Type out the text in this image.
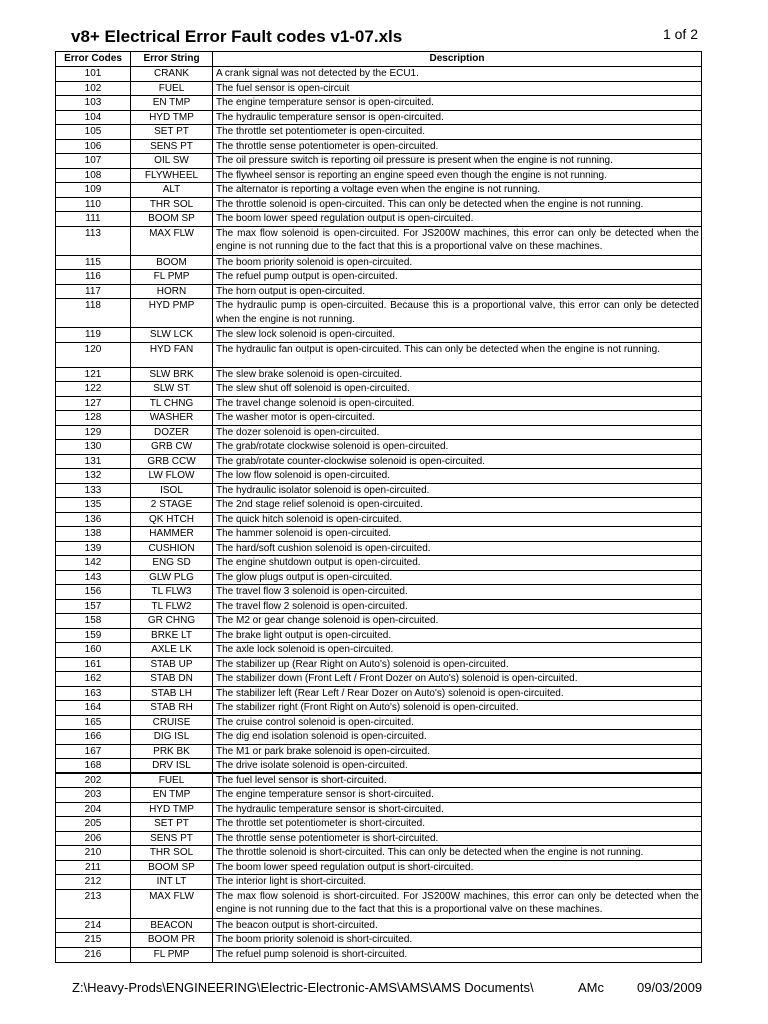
v8+ Electrical Error Fault codes v1-07.xls	1 of 2
Error Codes	Error String	Description
101	CRANK	A crank signal was not detected by the ECU1.
102	FUEL	The fuel sensor is open-circuit
103	EN TMP	The engine temperature sensor is open-circuited.
104	HYD TMP	The hydraulic temperature sensor is open-circuited.
105	SET PT	The throttle set potentiometer is open-circuited.
106	SENS PT	The throttle sense potentiometer is open-circuited.
107	OIL SW	The oil pressure switch is reporting oil pressure is present when the engine is not running.
108	FLYWHEEL	The flywheel sensor is reporting an engine speed even though the engine is not running.
109	ALT	The alternator is reporting a voltage even when the engine is not running.
110	THR SOL	The throttle solenoid is open-circuited. This can only be detected when the engine is not running.
111	BOOM SP	The boom lower speed regulation output is open-circuited.
113	MAX FLW	The max flow solenoid is open-circuited. For JS200W machines, this error can only be detected when the engine is not running due to the fact that this is a proportional valve on these machines.
115	BOOM	The boom priority solenoid is open-circuited.
116	FL PMP	The refuel pump output is open-circuited.
117	HORN	The horn output is open-circuited.
118	HYD PMP	The hydraulic pump is open-circuited. Because this is a proportional valve, this error can only be detected when the engine is not running.
119	SLW LCK	The slew lock solenoid is open-circuited.
120	HYD FAN	The hydraulic fan output is open-circuited. This can only be detected when the engine is not running.
121	SLW BRK	The slew brake solenoid is open-circuited.
122	SLW ST	The slew shut off solenoid is open-circuited.
127	TL CHNG	The travel change solenoid is open-circuited.
128	WASHER	The washer motor is open-circuited.
129	DOZER	The dozer solenoid is open-circuited.
130	GRB CW	The grab/rotate clockwise solenoid is open-circuited.
131	GRB CCW	The grab/rotate counter-clockwise solenoid is open-circuited.
132	LW FLOW	The low flow solenoid is open-circuited.
133	ISOL	The hydraulic isolator solenoid is open-circuited.
135	2 STAGE	The 2nd stage relief solenoid is open-circuited.
136	QK HTCH	The quick hitch solenoid is open-circuited.
138	HAMMER	The hammer solenoid is open-circuited.
139	CUSHION	The hard/soft cushion solenoid is open-circuited.
142	ENG SD	The engine shutdown output is open-circuited.
143	GLW PLG	The glow plugs output is open-circuited.
156	TL FLW3	The travel flow 3 solenoid is open-circuited.
157	TL FLW2	The travel flow 2 solenoid is open-circuited.
158	GR CHNG	The M2 or gear change solenoid is open-circuited.
159	BRKE LT	The brake light output is open-circuited.
160	AXLE LK	The axle lock solenoid is open-circuited.
161	STAB UP	The stabilizer up (Rear Right on Auto's) solenoid is open-circuited.
162	STAB DN	The stabilizer down (Front Left / Front Dozer on Auto's) solenoid is open-circuited.
163	STAB LH	The stabilizer left (Rear Left / Rear Dozer on Auto's) solenoid is open-circuited.
164	STAB RH	The stabilizer right (Front Right on Auto's) solenoid is open-circuited.
165	CRUISE	The cruise control solenoid is open-circuited.
166	DIG ISL	The dig end isolation solenoid is open-circuited.
167	PRK BK	The M1 or park brake solenoid is open-circuited.
168	DRV ISL	The drive isolate solenoid is open-circuited.
202	FUEL	The fuel level sensor is short-circuited.
203	EN TMP	The engine temperature sensor is short-circuited.
204	HYD TMP	The hydraulic temperature sensor is short-circuited.
205	SET PT	The throttle set potentiometer is short-circuited.
206	SENS PT	The throttle sense potentiometer is short-circuited.
210	THR SOL	The throttle solenoid is short-circuited. This can only be detected when the engine is not running.
211	BOOM SP	The boom lower speed regulation output is short-circuited.
212	INT LT	The interior light is short-circuited.
213	MAX FLW	The max flow solenoid is short-circuited. For JS200W machines, this error can only be detected when the engine is not running due to the fact that this is a proportional valve on these machines.
214	BEACON	The beacon output is short-circuited.
215	BOOM PR	The boom priority solenoid is short-circuited.
216	FL PMP	The refuel pump solenoid is short-circuited.
Z:\Heavy-Prods\ENGINEERING\Electric-Electronic-AMS\AMS\AMS Documents\	AMc	09/03/2009
